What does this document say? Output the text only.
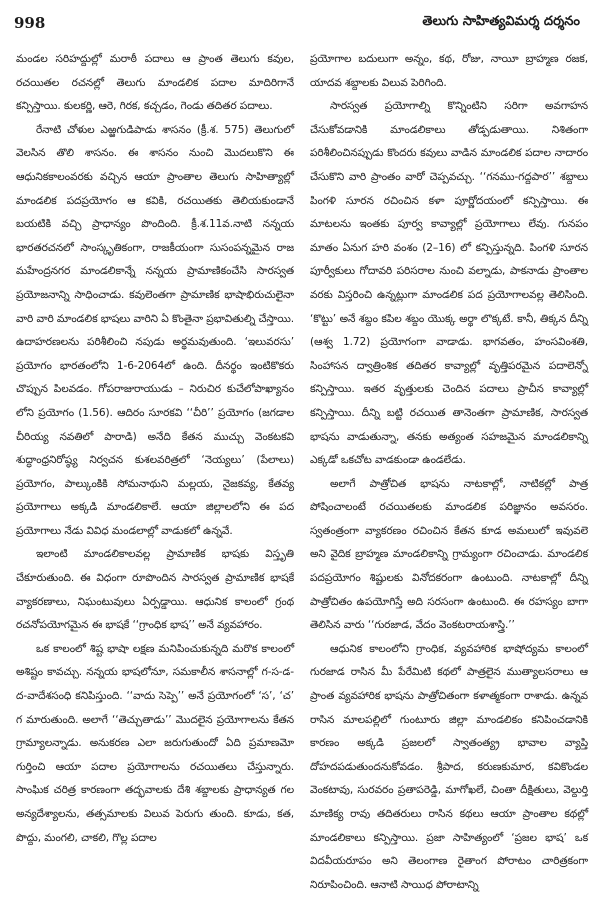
998	తెలుగు సాహిత్యవిమర్శ దర్శనం

మండల సరిహద్దుల్లో మరాఠీ పదాలు ఆ ప్రాంత తెలుగు కవుల, రచయితల రచనల్లో తెలుగు మాండలిక పదాల మాదిరిగానే కన్పిస్తాయి. కులకర్ణి, ఆరె, గిరక, కచ్చడం, గెండు తదితర పదాలు.

రేనాటి చోళుల ఎఱ్ఱగుడిపాడు శాసనం (క్రీ.శ. 575) తెలుగులో వెలసిన తొలి శాసనం. ఈ శాసనం నుంచి మొదలుకొని ఈ ఆధునికకాలంవరకు వచ్చిన ఆయా ప్రాంతాల తెలుగు సాహిత్యాల్లో మాండలిక పదప్రయోగం ఆ కవికి, రచయితకు తెలియకుండానే బయటికి వచ్చి ప్రాధాన్యం పొందింది. క్రీ.శ.11వ.నాటి నన్నయ భారతరచనలో సాంస్కృతికంగా, రాజకీయంగా సుసంపన్నమైన రాజ మహేంద్రనగర మాండలికాన్నే నన్నయ ప్రామాణికంచేసి సారస్వత ప్రయోజనాన్ని సాధించాడు. కవులెంతగా ప్రామాణిక భాషాభిరుచులైనా వారి వారి మాండలిక భాషలు వారిని ఏ కొంతైనా ప్రభావితుల్ని చేస్తాయి. ఉదాహరణలను పరిశీలించి నపుడు అర్థమవుతుంది. ‘ఇలువరసు’ ప్రయోగం భారతంలోని 1-6-2064లో ఉంది. దీనర్థం ఇంటికొకరు చొప్పున పిలవడం. గోపరాజురాయుడు – నిరుచిర కుచేలోపాఖ్యానం లోని ప్రయోగం (1.56). ఆదిరం సూరకవి ‘‘చీరి’’ ప్రయోగం (జగడాల చీరియ్య నవతిలో పారాడి) అనేది కేతన ముచ్చు వెంకటకవి శుద్ధాంధ్రనిరోష్ఠ్య నిర్వచన కుశలవరిత్రలో ‘నెయ్యలు’ (పేలాలు) ప్రయోగం, పాల్కుంకికి సోమనాథుని మల్లయ, నైజకవ్య, కేతవ్య ప్రయోగాలు అక్కడి మాండలికాలే. ఆయా జిల్లాలలోని ఈ పద ప్రయోగాలు నేడు వివిధ మండలాల్లో వాడుకలో ఉన్నవే.

ఇలాంటి మాండలికాలవల్ల ప్రామాణిక భాషకు విస్తృతి చేకూరుతుంది. ఈ విధంగా రూపొందిన సారస్వత ప్రామాణిక భాషకే వ్యాకరణాలు, నిఘంటువులు ఏర్పడ్డాయి. ఆధునిక కాలంలో గ్రంథ రచనోపయోగమైన ఈ భాషకే ‘‘గ్రాంధిక భాష’’ అనే వ్యవహారం.

ఒక కాలంలో శిష్ట భాషా లక్షణ మనిపించుకున్నది మరొక కాలంలో అశిష్టం కావచ్చు. నన్నయ భాషలోనూ, సమకాలీన శాసనాల్లో గ-స-డ-ద-వాదేశసంధి కనిపిస్తుంది. ‘‘వాదు సెప్పె’’ అనే ప్రయోగంలో ‘స’, ‘చ’ గ మారుతుంది. అలాగే ‘‘తెచ్చుతాడు’’ మొదలైన ప్రయోగాలను కేతన గ్రామ్యాలన్నాడు. అనుకరణ ఎలా జరుగుతుందో ఏది ప్రమాణమో గుర్తించి ఆయా పదాల ప్రయోగాలను రచయితలు చేస్తున్నారు. సాంఘిక చరిత్ర కారణంగా తద్భవాలకు దేశి శబ్దాలకు ప్రాధాన్యత గల అన్యదేశ్యాలను, తత్సమాలకు విలువ పెరుగు తుంది. కూడు, కత, పొద్దు, మంగలి, చాకలి, గొల్ల పదాల

ప్రయోగాల బదులుగా అన్నం, కథ, రోజు, నాయీ బ్రాహ్మణ రజక, యాదవ శబ్దాలకు విలువ పెరిగింది.

సారస్వత ప్రయోగాల్ని కొన్నింటిని సరిగా అవగాహన చేసుకోవడానికి మాండలికాలు తోడ్పడుతాయి. నిశితంగా పరిశీలించినప్పుడు కొందరు కవులు వాడిన మాండలిక పదాల నాదారం చేసుకొని వారి ప్రాంతం వారో చెప్పవచ్చు. ‘‘గనము-గద్దపార’’ శబ్దాలు పింగళి సూరన రచించిన కళా పూర్ణోదయంలో కన్పిస్తాయి. ఈ మాటలను ఇంతకు పూర్వ కావ్యాల్లో ప్రయోగాలు లేవు. గునపం మాతం ఏనుగ హరి వంశం (2–16) లో కన్పిస్తున్నది. పింగళి సూరన పూర్వీకులు గోదావరి పరిసరాల నుంచి వల్నాడు, పాకనాడు ప్రాంతాల వరకు విస్తరించి ఉన్నట్లుగా మాండలిక పద ప్రయోగాలవల్ల తెలిసింది. ‘కొట్టు’ అనే శబ్దం కపిల శబ్దం యొక్క అర్థా లొక్కటే. కానీ, తిక్కన దీన్ని (ఆశ్వ 1.72) ప్రయోగంగా వాడాడు. భాగవతం, హంసవింశతి, సింహాసన ద్వాత్రింశిక తదితర కావ్యాల్లో వృత్తిపరమైన పదాలెన్నో కన్పిస్తాయి. ఇతర వృత్తులకు చెందిన పదాలు ప్రాచీన కావ్యాల్లో కన్పిస్తాయి. దీన్ని బట్టి రచయిత తానెంతగా ప్రామాణిక, సారస్వత భాషను వాడుతున్నా, తనకు అత్యంత సహజమైన మాండలికాన్ని ఎక్కడో ఒకచోట వాడకుండా ఉండలేడు.

అలాగే పాత్రోచిత భాషను నాటకాల్లో, నాటికల్లో పాత్ర పోషించాలంటే రచయితలకు మాండలిక పరిజ్ఞానం అవసరం. స్వతంత్రంగా వ్యాకరణం రచించిన కేతన కూడ అమలులో ఇవువలె అని వైదిక బ్రాహ్మణ మాండలికాన్ని గ్రామ్యంగా రచించాడు. మాండలిక పదప్రయోగం శిష్టులకు వినోదకరంగా ఉంటుంది. నాటకాల్లో దీన్ని పాత్రోచితం ఉపయోగిస్తే అది సరసంగా ఉంటుంది. ఈ రహస్యం బాగా తెలిసిన వారు ‘‘గురజాడ, వేదం వెంకటరాయశాస్త్రి.’’

ఆధునిక కాలంలోని గ్రాంధిక, వ్యవహారిక భాషోద్యమ కాలంలో గురజాడ రాసిన మీ పేరేమిటి కథలో పాత్రలైన ముత్యాలసరాలు ఆ ప్రాంత వ్యవహారిక భాషను పాత్రోచితంగా కళాత్మకంగా రాశాడు. ఉన్నవ రాసిన మాలపల్లిలో గుంటూరు జిల్లా మాండలికం కనిపించడానికి కారణం అక్కడి ప్రజలలో స్వాతంత్య్ర భావాల వ్యాప్తి దోహదపడుతుందనుకోవడం. శ్రీపాద, కరుణకుమార, కవికొండల వెంకటావు, సురవరం ప్రతాపరెడ్డి, మాగోఖలే, చింతా దీక్షితులు, వెల్దుర్తి మాణిక్య రావు తదితరులు రాసిన కథలు ఆయా ప్రాంతాల కథల్లో మాండలికాలు కన్పిస్తాయి. ప్రజా సాహిత్యంలో ‘ప్రజల భాష’ ఒక విదవీయరూపం అని తెలంగాణ రైతాంగ పోరాటం చారిత్రకంగా నిరూపించింది. ఆనాటి సాయిధ పోరాటాన్ని
